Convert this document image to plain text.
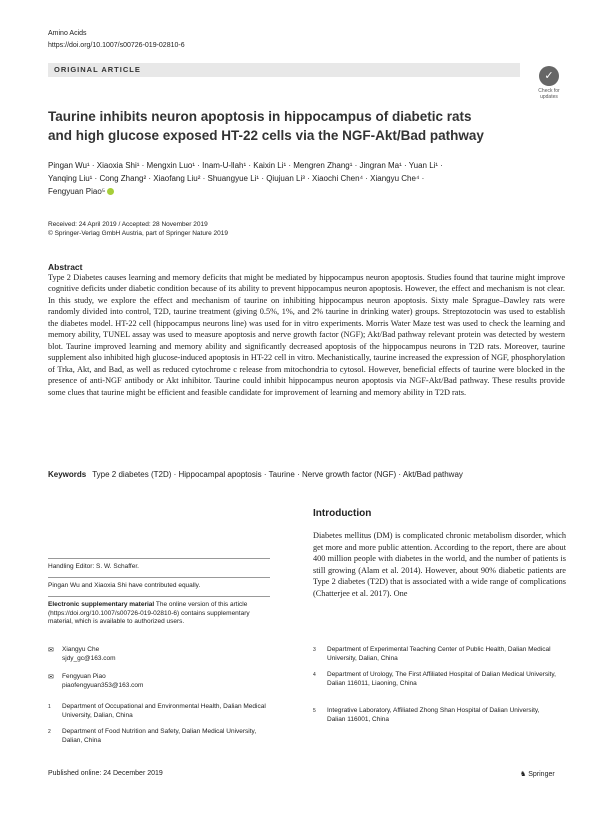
Amino Acids
https://doi.org/10.1007/s00726-019-02810-6
ORIGINAL ARTICLE
✓
Check for updates
Taurine inhibits neuron apoptosis in hippocampus of diabetic rats
and high glucose exposed HT-22 cells via the NGF-Akt/Bad pathway
Pingan Wu¹ · Xiaoxia Shi¹ · Mengxin Luo¹ · Inam-U-llah¹ · Kaixin Li¹ · Mengren Zhang¹ · Jingran Ma¹ · Yuan Li¹ ·
Yanqing Liu¹ · Cong Zhang² · Xiaofang Liu² · Shuangyue Li¹ · Qiujuan Li³ · Xiaochi Chen⁴ · Xiangyu Che⁴ ·
Fengyuan Piao⁵
Received: 24 April 2019 / Accepted: 28 November 2019
© Springer-Verlag GmbH Austria, part of Springer Nature 2019
Abstract
Type 2 Diabetes causes learning and memory deficits that might be mediated by hippocampus neuron apoptosis. Studies found that taurine might improve cognitive deficits under diabetic condition because of its ability to prevent hippocampus neuron apoptosis. However, the effect and mechanism is not clear. In this study, we explore the effect and mechanism of taurine on inhibiting hippocampus neuron apoptosis. Sixty male Sprague–Dawley rats were randomly divided into control, T2D, taurine treatment (giving 0.5%, 1%, and 2% taurine in drinking water) groups. Streptozotocin was used to establish the diabetes model. HT-22 cell (hippocampus neurons line) was used for in vitro experiments. Morris Water Maze test was used to check the learning and memory ability, TUNEL assay was used to measure apoptosis and nerve growth factor (NGF); Akt/Bad pathway relevant protein was detected by western blot. Taurine improved learning and memory ability and significantly decreased apoptosis of the hippocampus neurons in T2D rats. Moreover, taurine supplement also inhibited high glucose-induced apoptosis in HT-22 cell in vitro. Mechanistically, taurine increased the expression of NGF, phosphorylation of Trka, Akt, and Bad, as well as reduced cytochrome c release from mitochondria to cytosol. However, beneficial effects of taurine were blocked in the presence of anti-NGF antibody or Akt inhibitor. Taurine could inhibit hippocampus neuron apoptosis via NGF-Akt/Bad pathway. These results provide some clues that taurine might be efficient and feasible candidate for improvement of learning and memory ability in T2D rats.
Keywords Type 2 diabetes (T2D) · Hippocampal apoptosis · Taurine · Nerve growth factor (NGF) · Akt/Bad pathway
Introduction
Diabetes mellitus (DM) is complicated chronic metabolism disorder, which get more and more public attention. According to the report, there are about 400 million people with diabetes in the world, and the number of patients is still growing (Alam et al. 2014). However, about 90% diabetic patients are Type 2 diabetes (T2D) that is associated with a wide range of complications (Chatterjee et al. 2017). One
Handling Editor: S. W. Schaffer.
Pingan Wu and Xiaoxia Shi have contributed equally.
Electronic supplementary material The online version of this article (https://doi.org/10.1007/s00726-019-02810-6) contains supplementary material, which is available to authorized users.
✉ Xiangyu Che
sjdy_gc@163.com
✉ Fengyuan Piao
piaofengyuan353@163.com
1 Department of Occupational and Environmental Health, Dalian Medical University, Dalian, China
2 Department of Food Nutrition and Safety, Dalian Medical University, Dalian, China
3 Department of Experimental Teaching Center of Public Health, Dalian Medical University, Dalian, China
4 Department of Urology, The First Affiliated Hospital of Dalian Medical University, Dalian 116011, Liaoning, China
5 Integrative Laboratory, Affiliated Zhong Shan Hospital of Dalian University, Dalian 116001, China
Published online: 24 December 2019	♞ Springer
